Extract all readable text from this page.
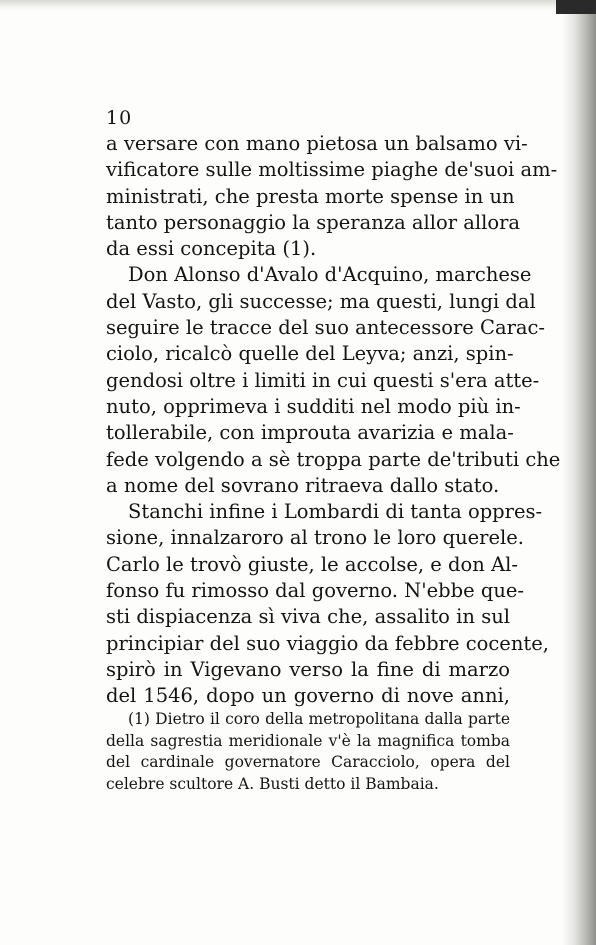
10
a versare con mano pietosa un balsamo vi-
vificatore sulle moltissime piaghe de'suoi am-
ministrati, che presta morte spense in un
tanto personaggio la speranza allor allora
da essi concepita (1).
Don Alonso d'Avalo d'Acquino, marchese
del Vasto, gli successe; ma questi, lungi dal
seguire le tracce del suo antecessore Carac-
ciolo, ricalcò quelle del Leyva; anzi, spin-
gendosi oltre i limiti in cui questi s'era atte-
nuto, opprimeva i sudditi nel modo più in-
tollerabile, con improuta avarizia e mala-
fede volgendo a sè troppa parte de'tributi che
a nome del sovrano ritraeva dallo stato.
Stanchi infine i Lombardi di tanta oppres-
sione, innalzaroro al trono le loro querele.
Carlo le trovò giuste, le accolse, e don Al-
fonso fu rimosso dal governo. N'ebbe que-
sti dispiacenza sì viva che, assalito in sul
principiar del suo viaggio da febbre cocente,
spirò in Vigevano verso la fine di marzo
del 1546, dopo un governo di nove anni,
(1) Dietro il coro della metropolitana dalla parte
della sagrestia meridionale v'è la magnifica tomba
del cardinale governatore Caracciolo, opera del
celebre scultore A. Busti detto il Bambaia.
